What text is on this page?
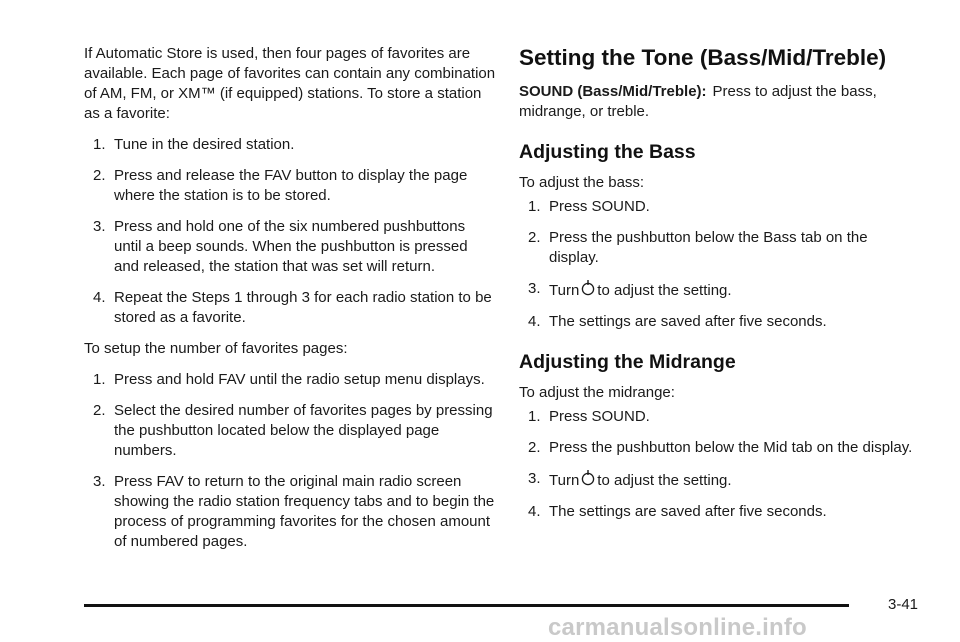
If Automatic Store is used, then four pages of favorites are available. Each page of favorites can contain any combination of AM, FM, or XM™ (if equipped) stations. To store a station as a favorite:

1. Tune in the desired station.
2. Press and release the FAV button to display the page where the station is to be stored.
3. Press and hold one of the six numbered pushbuttons until a beep sounds. When the pushbutton is pressed and released, the station that was set will return.
4. Repeat the Steps 1 through 3 for each radio station to be stored as a favorite.

To setup the number of favorites pages:

1. Press and hold FAV until the radio setup menu displays.
2. Select the desired number of favorites pages by pressing the pushbutton located below the displayed page numbers.
3. Press FAV to return to the original main radio screen showing the radio station frequency tabs and to begin the process of programming favorites for the chosen amount of numbered pages.
Setting the Tone (Bass/Mid/Treble)

SOUND (Bass/Mid/Treble): Press to adjust the bass, midrange, or treble.

Adjusting the Bass

To adjust the bass:

1. Press SOUND.
2. Press the pushbutton below the Bass tab on the display.
3. Turn to adjust the setting.
4. The settings are saved after five seconds.
Adjusting the Midrange

To adjust the midrange:

1. Press SOUND.
2. Press the pushbutton below the Mid tab on the display.
3. Turn to adjust the setting.
4. The settings are saved after five seconds.
3-41
carmanualsonline.info
